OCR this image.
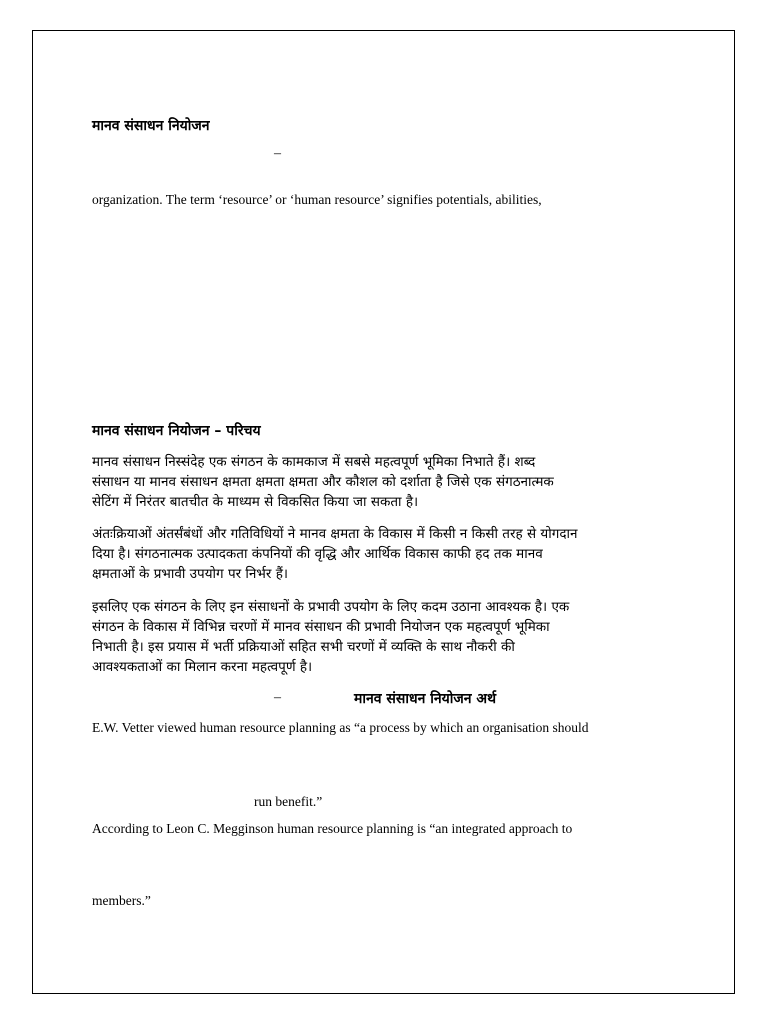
मानव संसाधन नियोजन
–
organization. The term ‘resource’ or ‘human resource’ signifies potentials, abilities,
मानव संसाधन नियोजन – परिचय
मानव संसाधन निस्संदेह एक संगठन के कामकाज में सबसे महत्वपूर्ण भूमिका निभाते हैं। शब्द
संसाधन या मानव संसाधन क्षमता क्षमता क्षमता और कौशल को दर्शाता है जिसे एक संगठनात्मक
सेटिंग में निरंतर बातचीत के माध्यम से विकसित किया जा सकता है।
अंतःक्रियाओं अंतर्संबंधों और गतिविधियों ने मानव क्षमता के विकास में किसी न किसी तरह से योगदान
दिया है। संगठनात्मक उत्पादकता कंपनियों की वृद्धि और आर्थिक विकास काफी हद तक मानव
क्षमताओं के प्रभावी उपयोग पर निर्भर हैं।
इसलिए एक संगठन के लिए इन संसाधनों के प्रभावी उपयोग के लिए कदम उठाना आवश्यक है। एक
संगठन के विकास में विभिन्न चरणों में मानव संसाधन की प्रभावी नियोजन एक महत्वपूर्ण भूमिका
निभाती है। इस प्रयास में भर्ती प्रक्रियाओं सहित सभी चरणों में व्यक्ति के साथ नौकरी की
आवश्यकताओं का मिलान करना महत्वपूर्ण है।
–	मानव संसाधन नियोजन अर्थ
E.W. Vetter viewed human resource planning as “a process by which an organisation should
run benefit.”
According to Leon C. Megginson human resource planning is “an integrated approach to
members.”
